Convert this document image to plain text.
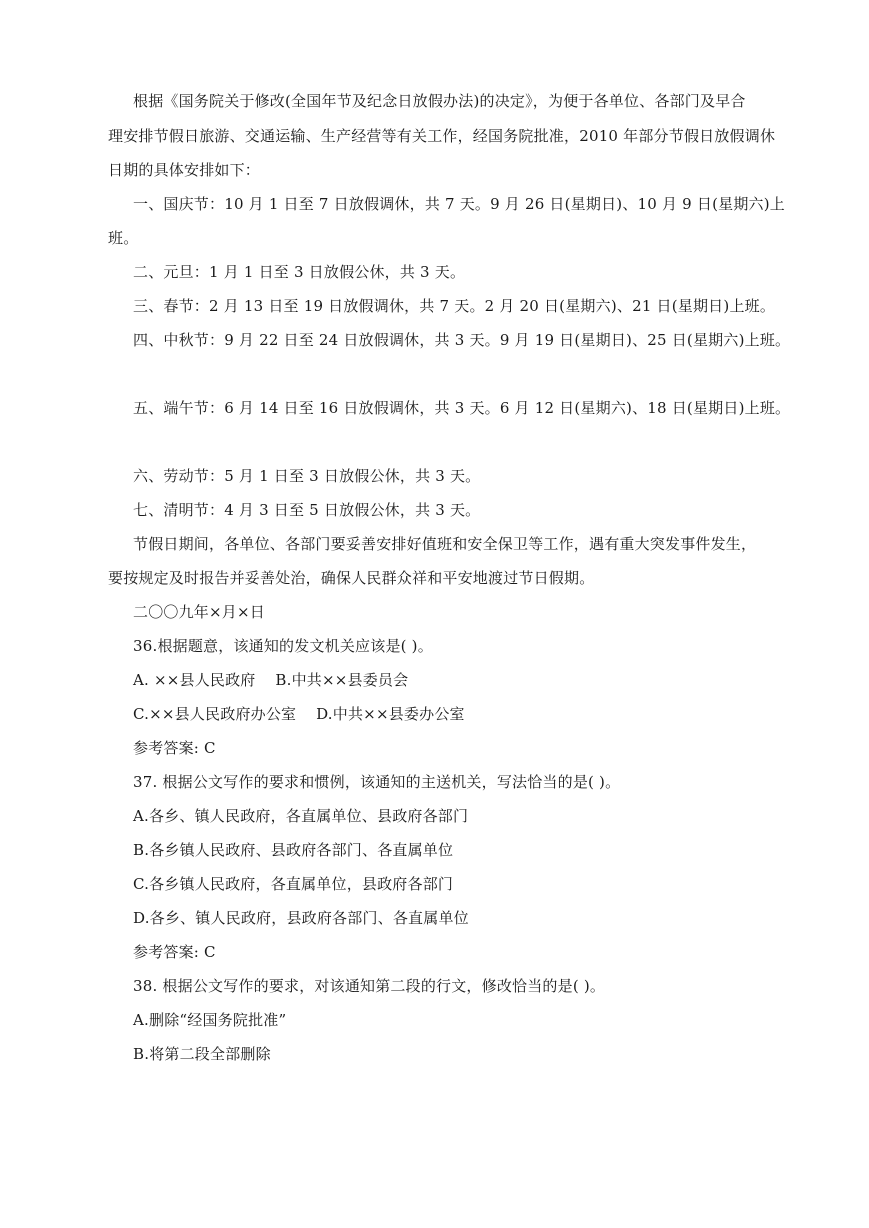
根据《国务院关于修改(全国年节及纪念日放假办法)的决定》，为便于各单位、各部门及早合
理安排节假日旅游、交通运输、生产经营等有关工作，经国务院批准，2010 年部分节假日放假调休
日期的具体安排如下：
一、国庆节：10 月 1 日至 7 日放假调休，共 7 天。9 月 26 日(星期日)、10 月 9 日(星期六)上
班。
二、元旦：1 月 1 日至 3 日放假公休，共 3 天。
三、春节：2 月 13 日至 19 日放假调休，共 7 天。2 月 20 日(星期六)、21 日(星期日)上班。
四、中秋节：9 月 22 日至 24 日放假调休，共 3 天。9 月 19 日(星期日)、25 日(星期六)上班。
五、端午节：6 月 14 日至 16 日放假调休，共 3 天。6 月 12 日(星期六)、18 日(星期日)上班。
六、劳动节：5 月 1 日至 3 日放假公休，共 3 天。
七、清明节：4 月 3 日至 5 日放假公休，共 3 天。
节假日期间，各单位、各部门要妥善安排好值班和安全保卫等工作，遇有重大突发事件发生，
要按规定及时报告并妥善处治，确保人民群众祥和平安地渡过节日假期。
二〇〇九年×月×日
36.根据题意，该通知的发文机关应该是( )。
A. ××县人民政府    B.中共××县委员会
C.××县人民政府办公室    D.中共××县委办公室
参考答案: C
37. 根据公文写作的要求和惯例，该通知的主送机关，写法恰当的是( )。
A.各乡、镇人民政府，各直属单位、县政府各部门
B.各乡镇人民政府、县政府各部门、各直属单位
C.各乡镇人民政府，各直属单位，县政府各部门
D.各乡、镇人民政府，县政府各部门、各直属单位
参考答案: C
38. 根据公文写作的要求，对该通知第二段的行文，修改恰当的是( )。
A.删除“经国务院批准”
B.将第二段全部删除
